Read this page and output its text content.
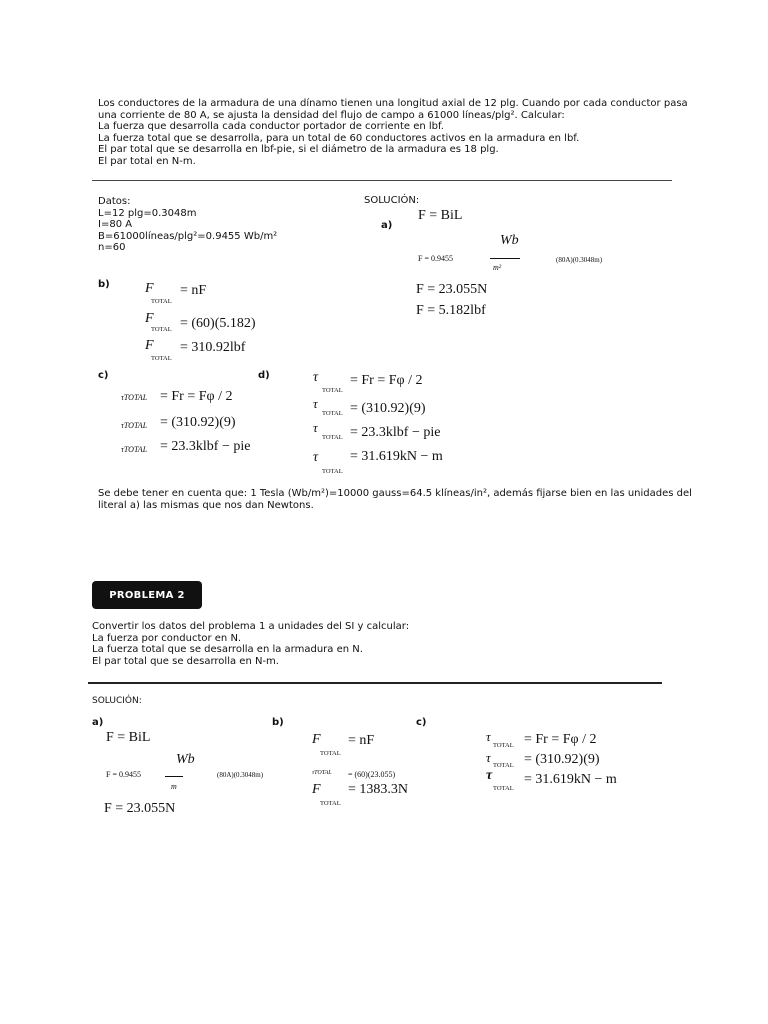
Los conductores de la armadura de una dínamo tienen una longitud axial de 12 plg. Cuando por cada conductor pasa
una corriente de 80 A, se ajusta la densidad del flujo de campo a 61000 líneas/plg². Calcular:
La fuerza que desarrolla cada conductor portador de corriente en lbf.
La fuerza total que se desarrolla, para un total de 60 conductores activos en la armadura en lbf.
El par total que se desarrolla en lbf-pie, si el diámetro de la armadura es 18 plg.
El par total en N-m.
Datos:
L=12 plg=0.3048m
I=80 A
B=61000líneas/plg²=0.9455 Wb/m²
n=60
SOLUCIÓN:
a)
F = BiL
F = 0.9455
Wb
m²
(80A)(0.3048m)
F = 23.055N
F = 5.182lbf
b)	F
TOTAL
= nF
F
TOTAL = (60)(5.182)
F
TOTAL
= 310.92lbf
c)
τTOTAL = Fr = Fφ / 2
τTOTAL = (310.92)(9)
τTOTAL = 23.3klbf − pie
d)	τ
TOTAL
= Fr = Fφ / 2
τ
TOTAL = (310.92)(9)
τ
TOTAL = 23.3klbf − pie
τ
TOTAL
= 31.619kN − m
Se debe tener en cuenta que: 1 Tesla (Wb/m²)=10000 gauss=64.5 klíneas/in², además fijarse bien en las unidades del
literal a) las mismas que nos dan Newtons.
PROBLEMA 2
Convertir los datos del problema 1 a unidades del SI y calcular:
La fuerza por conductor en N.
La fuerza total que se desarrolla en la armadura en N.
El par total que se desarrolla en N-m.
SOLUCIÓN:
a)
F = BiL
F = 0.9455
Wb
m
(80A)(0.3048m)
F = 23.055N
b)
F
TOTAL
= nF
τTOTAL = (60)(23.055)
F
TOTAL
= 1383.3N
c)
τ
TOTAL = Fr = Fφ / 2
τ
TOTAL = (310.92)(9)
τ
TOTAL
= 31.619kN − m
